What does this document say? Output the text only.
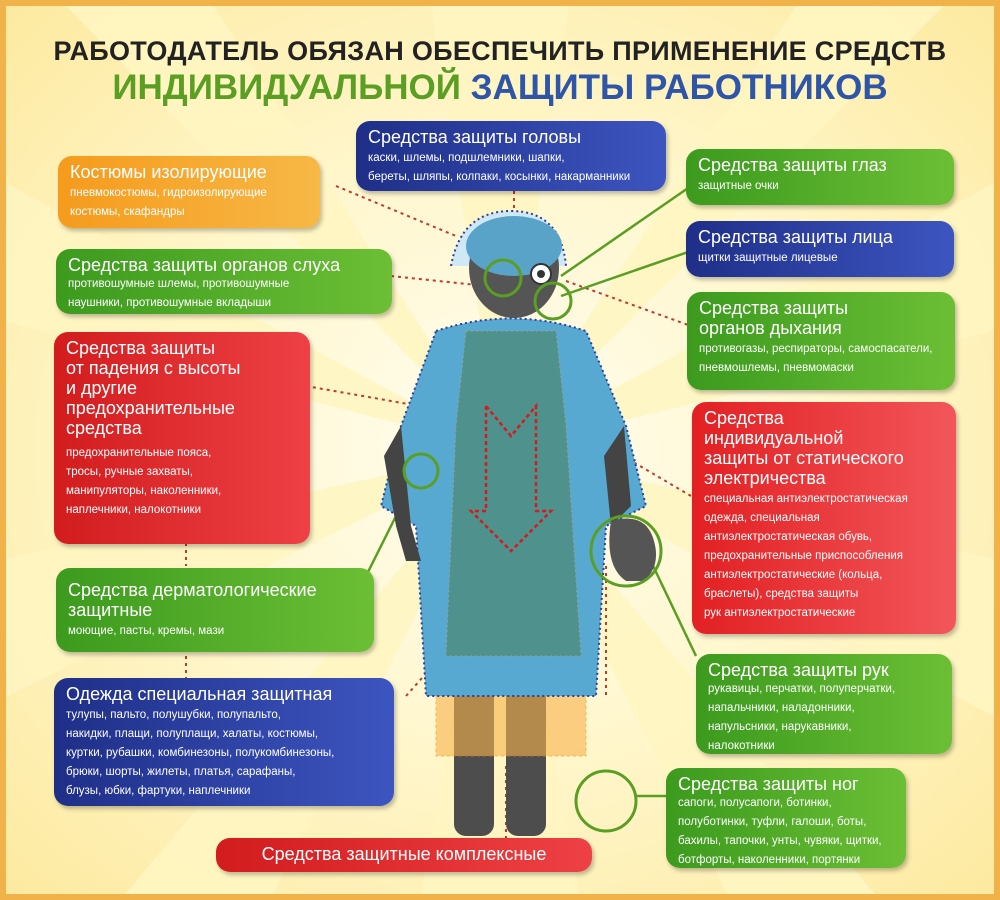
РАБОТОДАТЕЛЬ ОБЯЗАН ОБЕСПЕЧИТЬ ПРИМЕНЕНИЕ СРЕДСТВ
ИНДИВИДУАЛЬНОЙ ЗАЩИТЫ РАБОТНИКОВ
Средства защиты головы
каски, шлемы, подшлемники, шапки,
береты, шляпы, колпаки, косынки, накарманники
Костюмы изолирующие
пневмокостюмы, гидроизолирующие
костюмы, скафандры
Средства защиты органов слуха
противошумные шлемы, противошумные
наушники, противошумные вкладыши
Средства защиты
от падения с высоты
и другие
предохранительные
средства
предохранительные пояса,
тросы, ручные захваты,
манипуляторы, наколенники,
наплечники, налокотники
Средства дерматологические
защитные
моющие, пасты, кремы, мази
Одежда специальная защитная
тулупы, пальто, полушубки, полупальто,
накидки, плащи, полуплащи, халаты, костюмы,
куртки, рубашки, комбинезоны, полукомбинезоны,
брюки, шорты, жилеты, платья, сарафаны,
блузы, юбки, фартуки, наплечники
Средства защитные комплексные
Средства защиты глаз
защитные очки
Средства защиты лица
щитки защитные лицевые
Средства защиты
органов дыхания
противогазы, респираторы, самоспасатели,
пневмошлемы, пневмомаски
Средства
индивидуальной
защиты от статического
электричества
специальная антиэлектростатическая
одежда, специальная
антиэлектростатическая обувь,
предохранительные приспособления
антиэлектростатические (кольца,
браслеты), средства защиты
рук антиэлектростатические
Средства защиты рук
рукавицы, перчатки, полуперчатки,
напальчники, наладонники,
напульсники, нарукавники,
налокотники
Средства защиты ног
сапоги, полусапоги, ботинки,
полуботинки, туфли, галоши, боты,
бахилы, тапочки, унты, чувяки, щитки,
ботфорты, наколенники, портянки
